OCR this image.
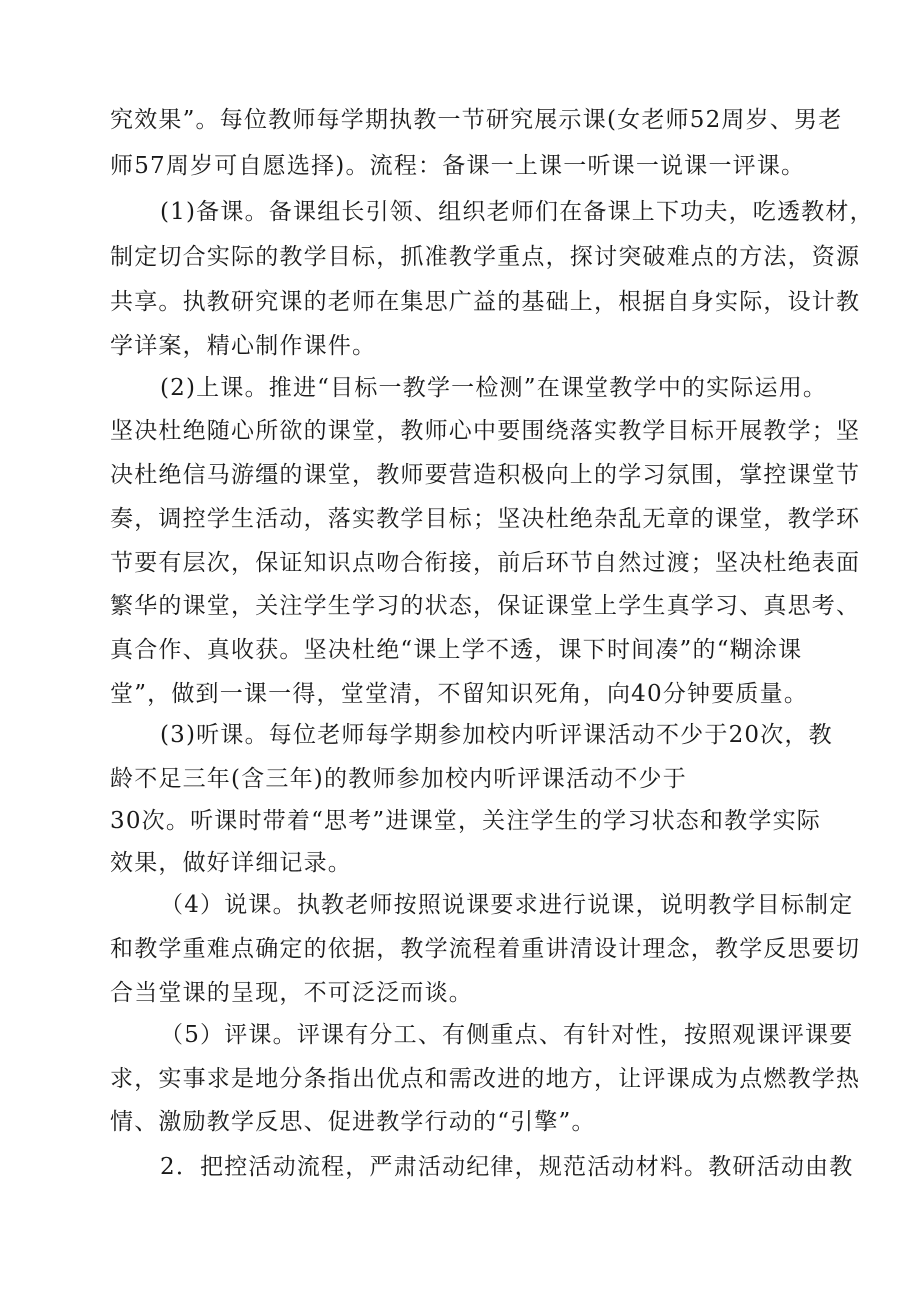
究效果”。每位教师每学期执教一节研究展示课(女老师52周岁、男老
师57周岁可自愿选择)。流程：备课一上课一听课一说课一评课。
(1)备课。备课组长引领、组织老师们在备课上下功夫，吃透教材，
制定切合实际的教学目标，抓准教学重点，探讨突破难点的方法，资源
共享。执教研究课的老师在集思广益的基础上，根据自身实际，设计教
学详案，精心制作课件。
(2)上课。推进“目标一教学一检测”在课堂教学中的实际运用。
坚决杜绝随心所欲的课堂，教师心中要围绕落实教学目标开展教学；坚
决杜绝信马游缰的课堂，教师要营造积极向上的学习氛围，掌控课堂节
奏，调控学生活动，落实教学目标；坚决杜绝杂乱无章的课堂，教学环
节要有层次，保证知识点吻合衔接，前后环节自然过渡；坚决杜绝表面
繁华的课堂，关注学生学习的状态，保证课堂上学生真学习、真思考、
真合作、真收获。坚决杜绝“课上学不透，课下时间凑”的“糊涂课
堂”，做到一课一得，堂堂清，不留知识死角，向40分钟要质量。
(3)听课。每位老师每学期参加校内听评课活动不少于20次，教
龄不足三年(含三年)的教师参加校内听评课活动不少于
30次。听课时带着“思考”进课堂，关注学生的学习状态和教学实际
效果，做好详细记录。
（4）说课。执教老师按照说课要求进行说课，说明教学目标制定
和教学重难点确定的依据，教学流程着重讲清设计理念，教学反思要切
合当堂课的呈现，不可泛泛而谈。
（5）评课。评课有分工、有侧重点、有针对性，按照观课评课要
求，实事求是地分条指出优点和需改进的地方，让评课成为点燃教学热
情、激励教学反思、促进教学行动的“引擎”。
2．把控活动流程，严肃活动纪律，规范活动材料。教研活动由教
